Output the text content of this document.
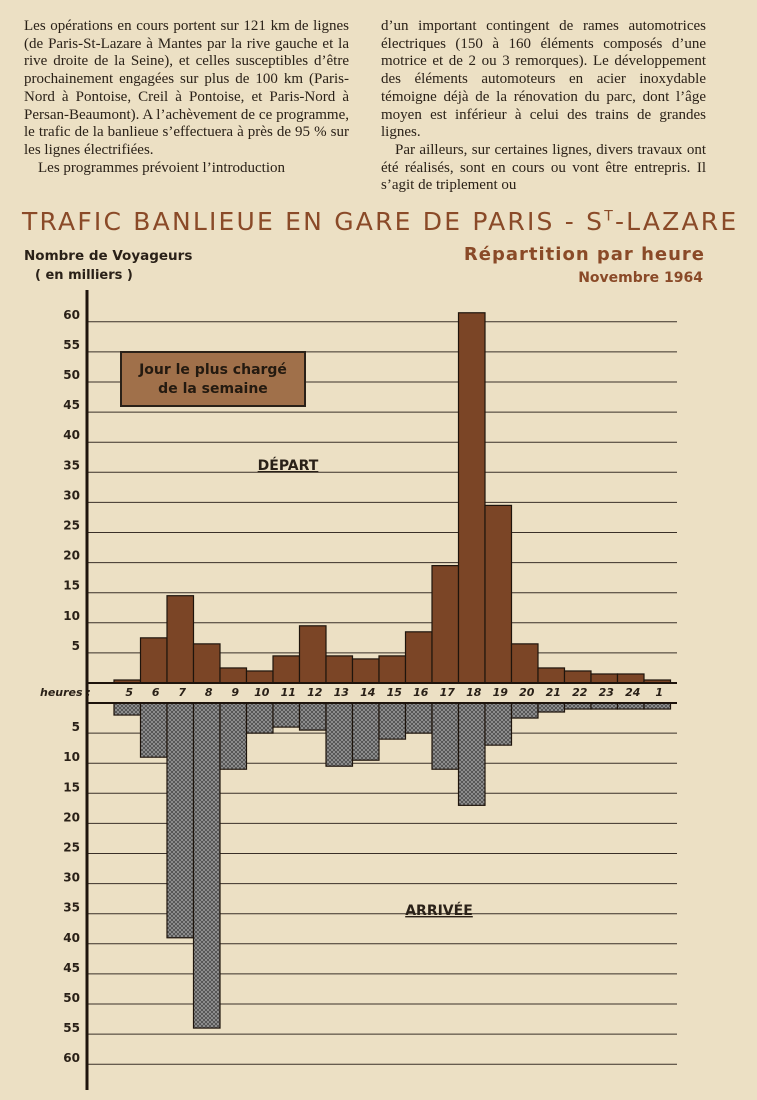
Les opérations en cours portent sur 121 km de lignes (de Paris-St-Lazare à Mantes par la rive gauche et la rive droite de la Seine), et celles susceptibles d’être prochainement engagées sur plus de 100 km (Paris-Nord à Pontoise, Creil à Pontoise, et Paris-Nord à Persan-Beaumont). A l’achèvement de ce programme, le trafic de la banlieue s’effectuera à près de 95 % sur les lignes électrifiées.

Les programmes prévoient l’introduction

d’un important contingent de rames automotrices électriques (150 à 160 éléments composés d’une motrice et de 2 ou 3 remorques). Le développement des éléments automoteurs en acier inoxydable témoigne déjà de la rénovation du parc, dont l’âge moyen est inférieur à celui des trains de grandes lignes.

Par ailleurs, sur certaines lignes, divers travaux ont été réalisés, sont en cours ou vont être entrepris. Il s’agit de triplement ou

TRAFIC BANLIEUE EN GARE DE PARIS - $S^T$-LAZARE
Nombre de Voyageurs
( en milliers )
Répartition par heure
Novembre 1964
5
5
10
10
15
15
20
20
25
25
30
30
35
35
40
40
45
45
50
50
55
55
60
60
heures :	5 6 7 8 9 10 11 12 13 14 15 16 17 18 19 20 21 22 23 24 1
DÉPART
ARRIVÉE
Jour le plus chargé
de la semaine
